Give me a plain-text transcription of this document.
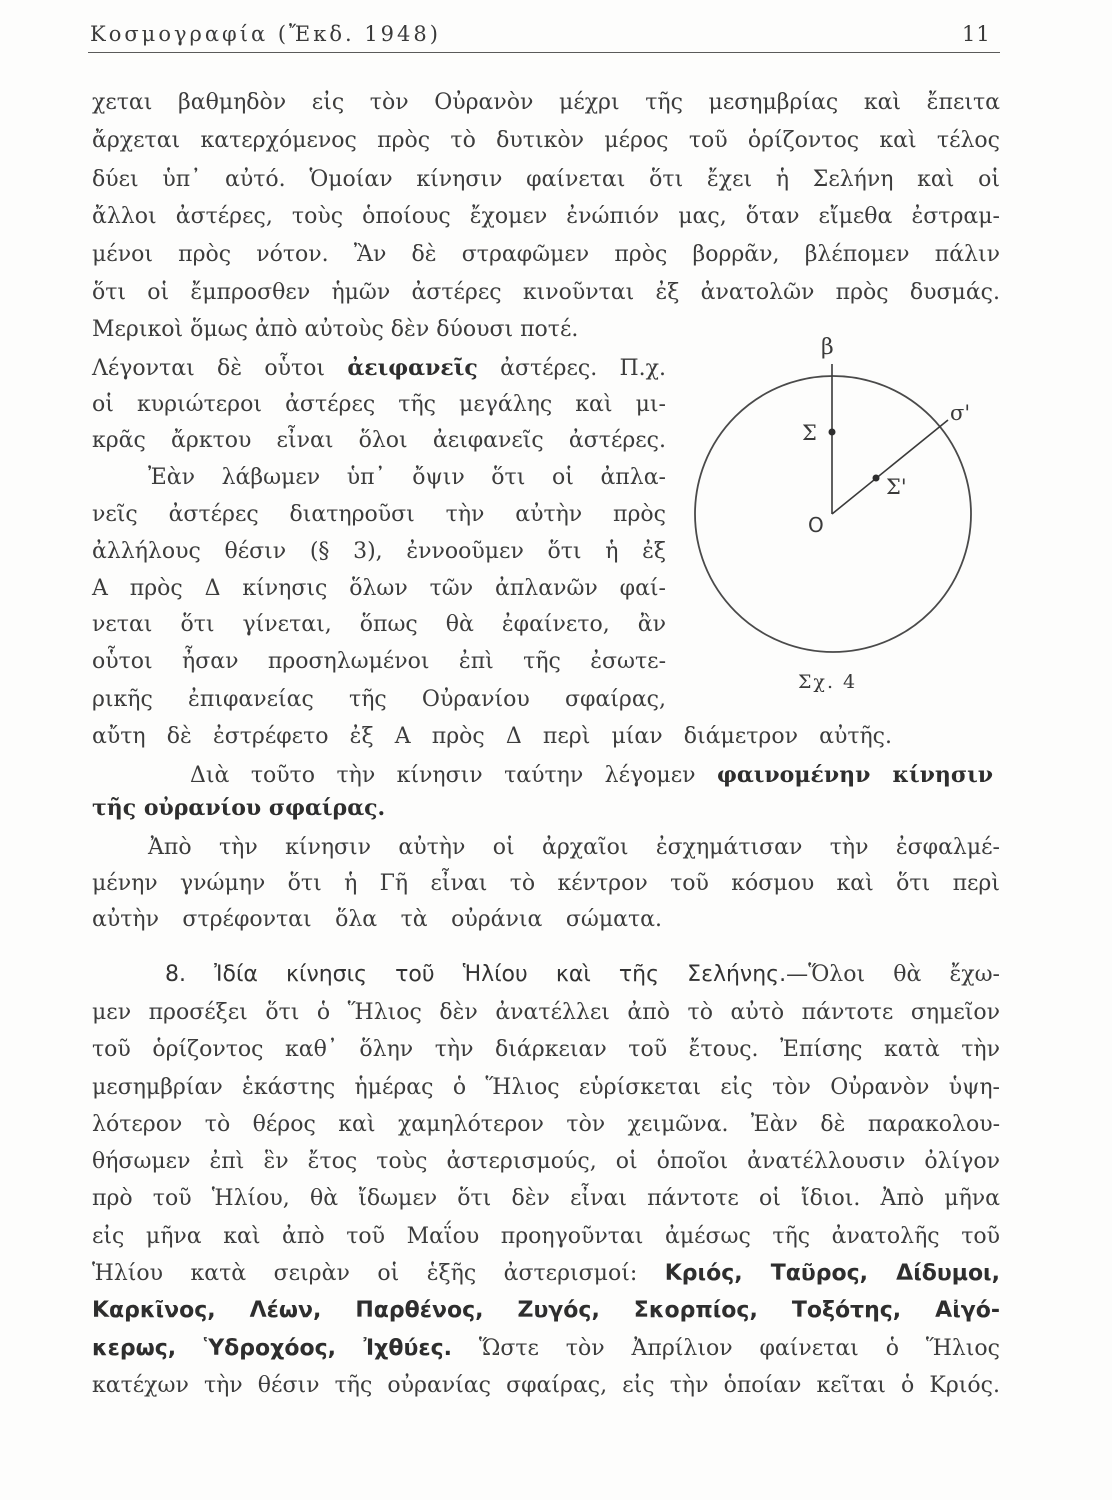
Κοσμογραφία (Ἔκδ. 1948)	11
χεται βαθμηδὸν εἰς τὸν Οὐρανὸν μέχρι τῆς μεσημβρίας καὶ ἔπειτα
ἄρχεται κατερχόμενος πρὸς τὸ δυτικὸν μέρος τοῦ ὁρίζοντος καὶ τέλος
δύει ὑπ᾿ αὐτό. Ὁμοίαν κίνησιν φαίνεται ὅτι ἔχει ἡ Σελήνη καὶ οἱ
ἄλλοι ἀστέρες, τοὺς ὁποίους ἔχομεν ἐνώπιόν μας, ὅταν εἴμεθα ἐστραμ-
μένοι πρὸς νότον. Ἂν δὲ στραφῶμεν πρὸς βορρᾶν, βλέπομεν πάλιν
ὅτι οἱ ἔμπροσθεν ἡμῶν ἀστέρες κινοῦνται ἐξ ἀνατολῶν πρὸς δυσμάς.
Μερικοὶ ὅμως ἀπὸ αὐτοὺς δὲν δύουσι ποτέ.
Λέγονται δὲ οὗτοι ἀειφανεῖς ἀστέρες. Π.χ.
οἱ κυριώτεροι ἀστέρες τῆς μεγάλης καὶ μι-
κρᾶς ἄρκτου εἶναι ὅλοι ἀειφανεῖς ἀστέρες.
Ἐὰν λάβωμεν ὑπ᾿ ὄψιν ὅτι οἱ ἀπλα-
νεῖς ἀστέρες διατηροῦσι τὴν αὐτὴν πρὸς
ἀλλήλους θέσιν (§ 3), ἐννοοῦμεν ὅτι ἡ ἐξ
Α πρὸς Δ κίνησις ὅλων τῶν ἀπλανῶν φαί-
νεται ὅτι γίνεται, ὅπως θὰ ἐφαίνετο, ἂν
οὗτοι ἦσαν προσηλωμένοι ἐπὶ τῆς ἐσωτε-
ρικῆς ἐπιφανείας τῆς Οὐρανίου σφαίρας,
αὔτη δὲ ἐστρέφετο ἐξ Α πρὸς Δ περὶ μίαν διάμετρον αὐτῆς.
Διὰ τοῦτο τὴν κίνησιν ταύτην λέγομεν φαινομένην κίνησιν
τῆς οὐρανίου σφαίρας.
Ἀπὸ τὴν κίνησιν αὐτὴν οἱ ἀρχαῖοι ἐσχημάτισαν τὴν ἐσφαλμέ-
μένην γνώμην ὅτι ἡ Γῆ εἶναι τὸ κέντρον τοῦ κόσμου καὶ ὅτι περὶ
αὐτὴν στρέφονται ὅλα τὰ οὐράνια σώματα.
8. Ἰδία κίνησις τοῦ Ἡλίου καὶ τῆς Σελήνης.—Ὅλοι θὰ ἔχω-
μεν προσέξει ὅτι ὁ Ἥλιος δὲν ἀνατέλλει ἀπὸ τὸ αὐτὸ πάντοτε σημεῖον
τοῦ ὁρίζοντος καθ᾿ ὅλην τὴν διάρκειαν τοῦ ἔτους. Ἐπίσης κατὰ τὴν
μεσημβρίαν ἑκάστης ἡμέρας ὁ Ἥλιος εὑρίσκεται εἰς τὸν Οὐρανὸν ὑψη-
λότερον τὸ θέρος καὶ χαμηλότερον τὸν χειμῶνα. Ἐὰν δὲ παρακολου-
θήσωμεν ἐπὶ ἓν ἔτος τοὺς ἀστερισμούς, οἱ ὁποῖοι ἀνατέλλουσιν ὀλίγον
πρὸ τοῦ Ἡλίου, θὰ ἴδωμεν ὅτι δὲν εἶναι πάντοτε οἱ ἴδιοι. Ἀπὸ μῆνα
εἰς μῆνα καὶ ἀπὸ τοῦ Μαΐου προηγοῦνται ἀμέσως τῆς ἀνατολῆς τοῦ
Ἡλίου κατὰ σειρὰν οἱ ἑξῆς ἀστερισμοί: Κριός, Ταῦρος, Δίδυμοι,
Καρκῖνος, Λέων, Παρθένος, Ζυγός, Σκορπίος, Τοξότης, Αἰγό-
κερως, Ὑδροχόος, Ἰχθύες. Ὥστε τὸν Ἀπρίλιον φαίνεται ὁ Ἥλιος
κατέχων τὴν θέσιν τῆς οὐρανίας σφαίρας, εἰς τὴν ὁποίαν κεῖται ὁ Κριός.
β
Σ
σ'
Σ'
O
Σχ. 4
